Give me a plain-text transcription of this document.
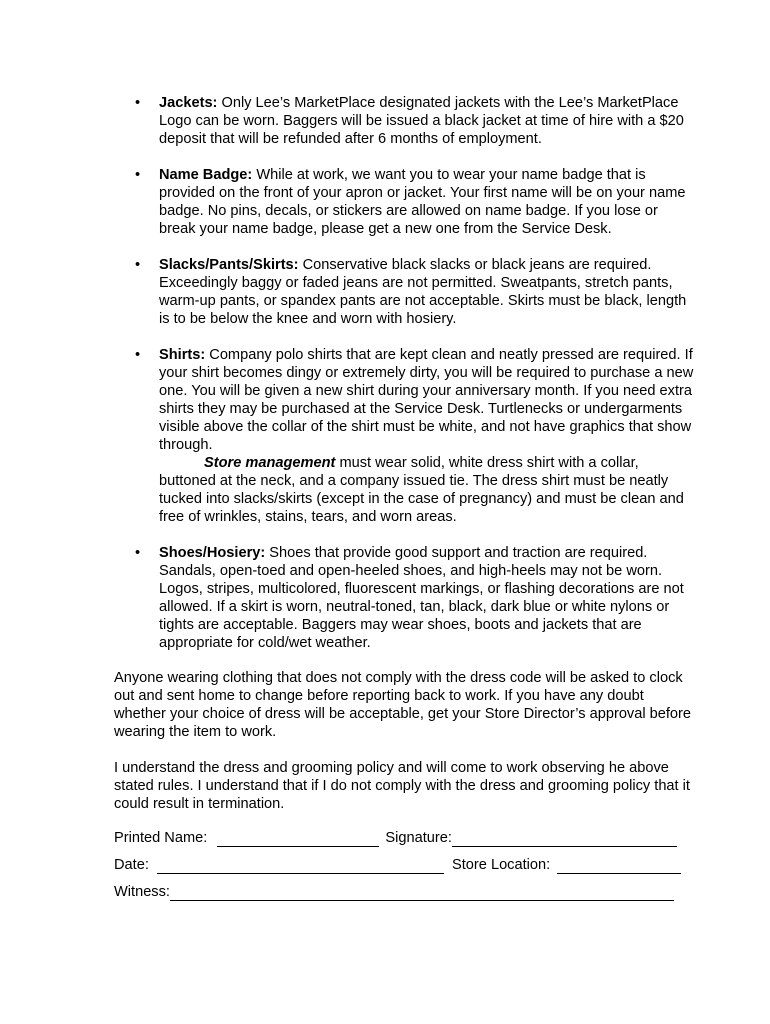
•	Jackets: Only Lee’s MarketPlace designated jackets with the Lee’s MarketPlace Logo can be worn. Baggers will be issued a black jacket at time of hire with a $20 deposit that will be refunded after 6 months of employment.
•	Name Badge: While at work, we want you to wear your name badge that is provided on the front of your apron or jacket. Your first name will be on your name badge. No pins, decals, or stickers are allowed on name badge. If you lose or break your name badge, please get a new one from the Service Desk.
•	Slacks/Pants/Skirts: Conservative black slacks or black jeans are required. Exceedingly baggy or faded jeans are not permitted. Sweatpants, stretch pants, warm-up pants, or spandex pants are not acceptable. Skirts must be black, length is to be below the knee and worn with hosiery.
•	Shirts: Company polo shirts that are kept clean and neatly pressed are required. If your shirt becomes dingy or extremely dirty, you will be required to purchase a new one. You will be given a new shirt during your anniversary month. If you need extra shirts they may be purchased at the Service Desk. Turtlenecks or undergarments visible above the collar of the shirt must be white, and not have graphics that show through.
Store management must wear solid, white dress shirt with a collar, buttoned at the neck, and a company issued tie. The dress shirt must be neatly tucked into slacks/skirts (except in the case of pregnancy) and must be clean and free of wrinkles, stains, tears, and worn areas.
•	Shoes/Hosiery: Shoes that provide good support and traction are required. Sandals, open-toed and open-heeled shoes, and high-heels may not be worn. Logos, stripes, multicolored, fluorescent markings, or flashing decorations are not allowed. If a skirt is worn, neutral-toned, tan, black, dark blue or white nylons or tights are acceptable. Baggers may wear shoes, boots and jackets that are appropriate for cold/wet weather.

Anyone wearing clothing that does not comply with the dress code will be asked to clock out and sent home to change before reporting back to work. If you have any doubt whether your choice of dress will be acceptable, get your Store Director’s approval before wearing the item to work.

I understand the dress and grooming policy and will come to work observing he above stated rules. I understand that if I do not comply with the dress and grooming policy that it could result in termination.

Printed Name:	Signature:
Date:	Store Location:
Witness:
